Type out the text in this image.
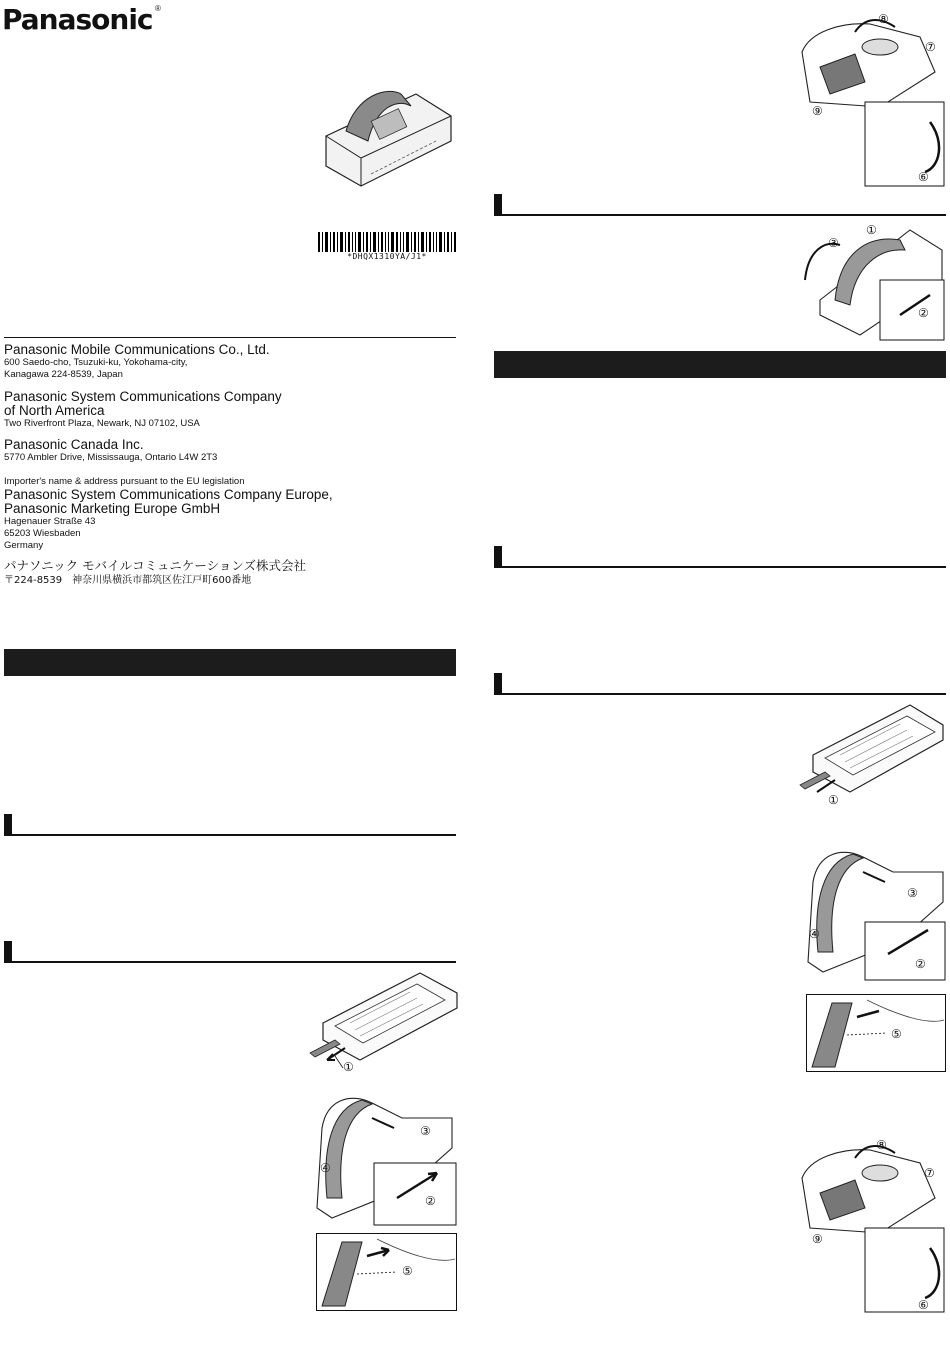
Panasonic ®
*DHQX1310YA/J1*
Panasonic Mobile Communications Co., Ltd.
600 Saedo-cho, Tsuzuki-ku, Yokohama-city,
Kanagawa 224-8539, Japan
Panasonic System Communications Company
of North America
Two Riverfront Plaza, Newark, NJ 07102, USA
Panasonic Canada Inc.
5770 Ambler Drive, Mississauga, Ontario L4W 2T3
Importer's name & address pursuant to the EU legislation
Panasonic System Communications Company Europe,
Panasonic Marketing Europe GmbH
Hagenauer Straße 43
65203 Wiesbaden
Germany
パナソニック モバイルコミュニケーションズ株式会社
〒224-8539　神奈川県横浜市都筑区佐江戸町600番地
①
③
④
②
⑤
⑧
⑦
⑨
⑥
③
①
②
①
③
④
②
⑤
⑧
⑦
⑨
⑥
